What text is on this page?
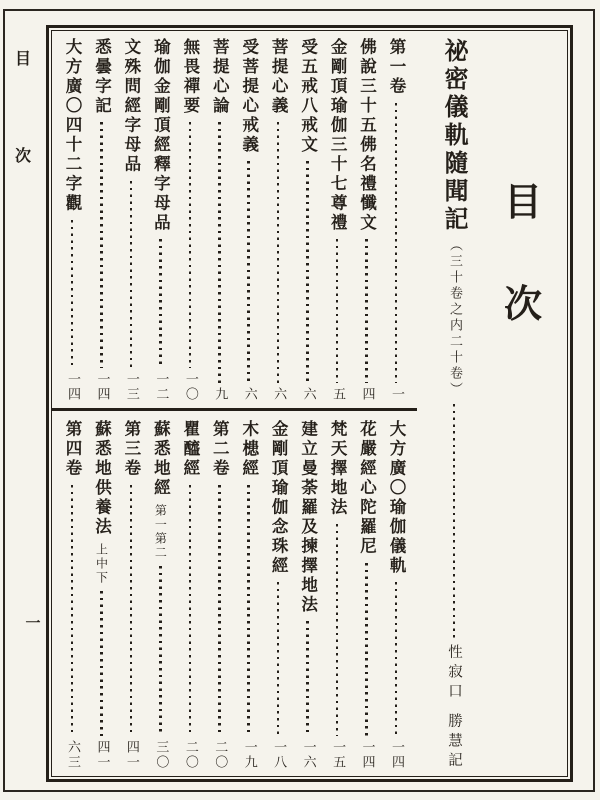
目
次
一
目
次
祕密儀軌隨聞記
（三十卷之内二十卷）
性寂口
勝慧記
第一卷
一
佛說三十五佛名禮懺文
四
金剛頂瑜伽三十七尊禮
五
受五戒八戒文
六
菩提心義
六
受菩提心戒義
六
菩提心論
九
無畏禪要
一〇
瑜伽金剛頂經釋字母品
一二
文殊問經字母品
一三
悉曇字記
一四
大方廣〇四十二字觀
一四
大方廣〇瑜伽儀軌
一四
花嚴經心陀羅尼
一四
梵天擇地法
一五
建立曼荼羅及揀擇地法
一六
金剛頂瑜伽念珠經
一八
木槵經
一九
第二卷
二〇
瞿醯經
二〇
蘇悉地經
第一第二
三〇
第三卷
四一
蘇悉地供養法
上中下
四一
第四卷
六三
